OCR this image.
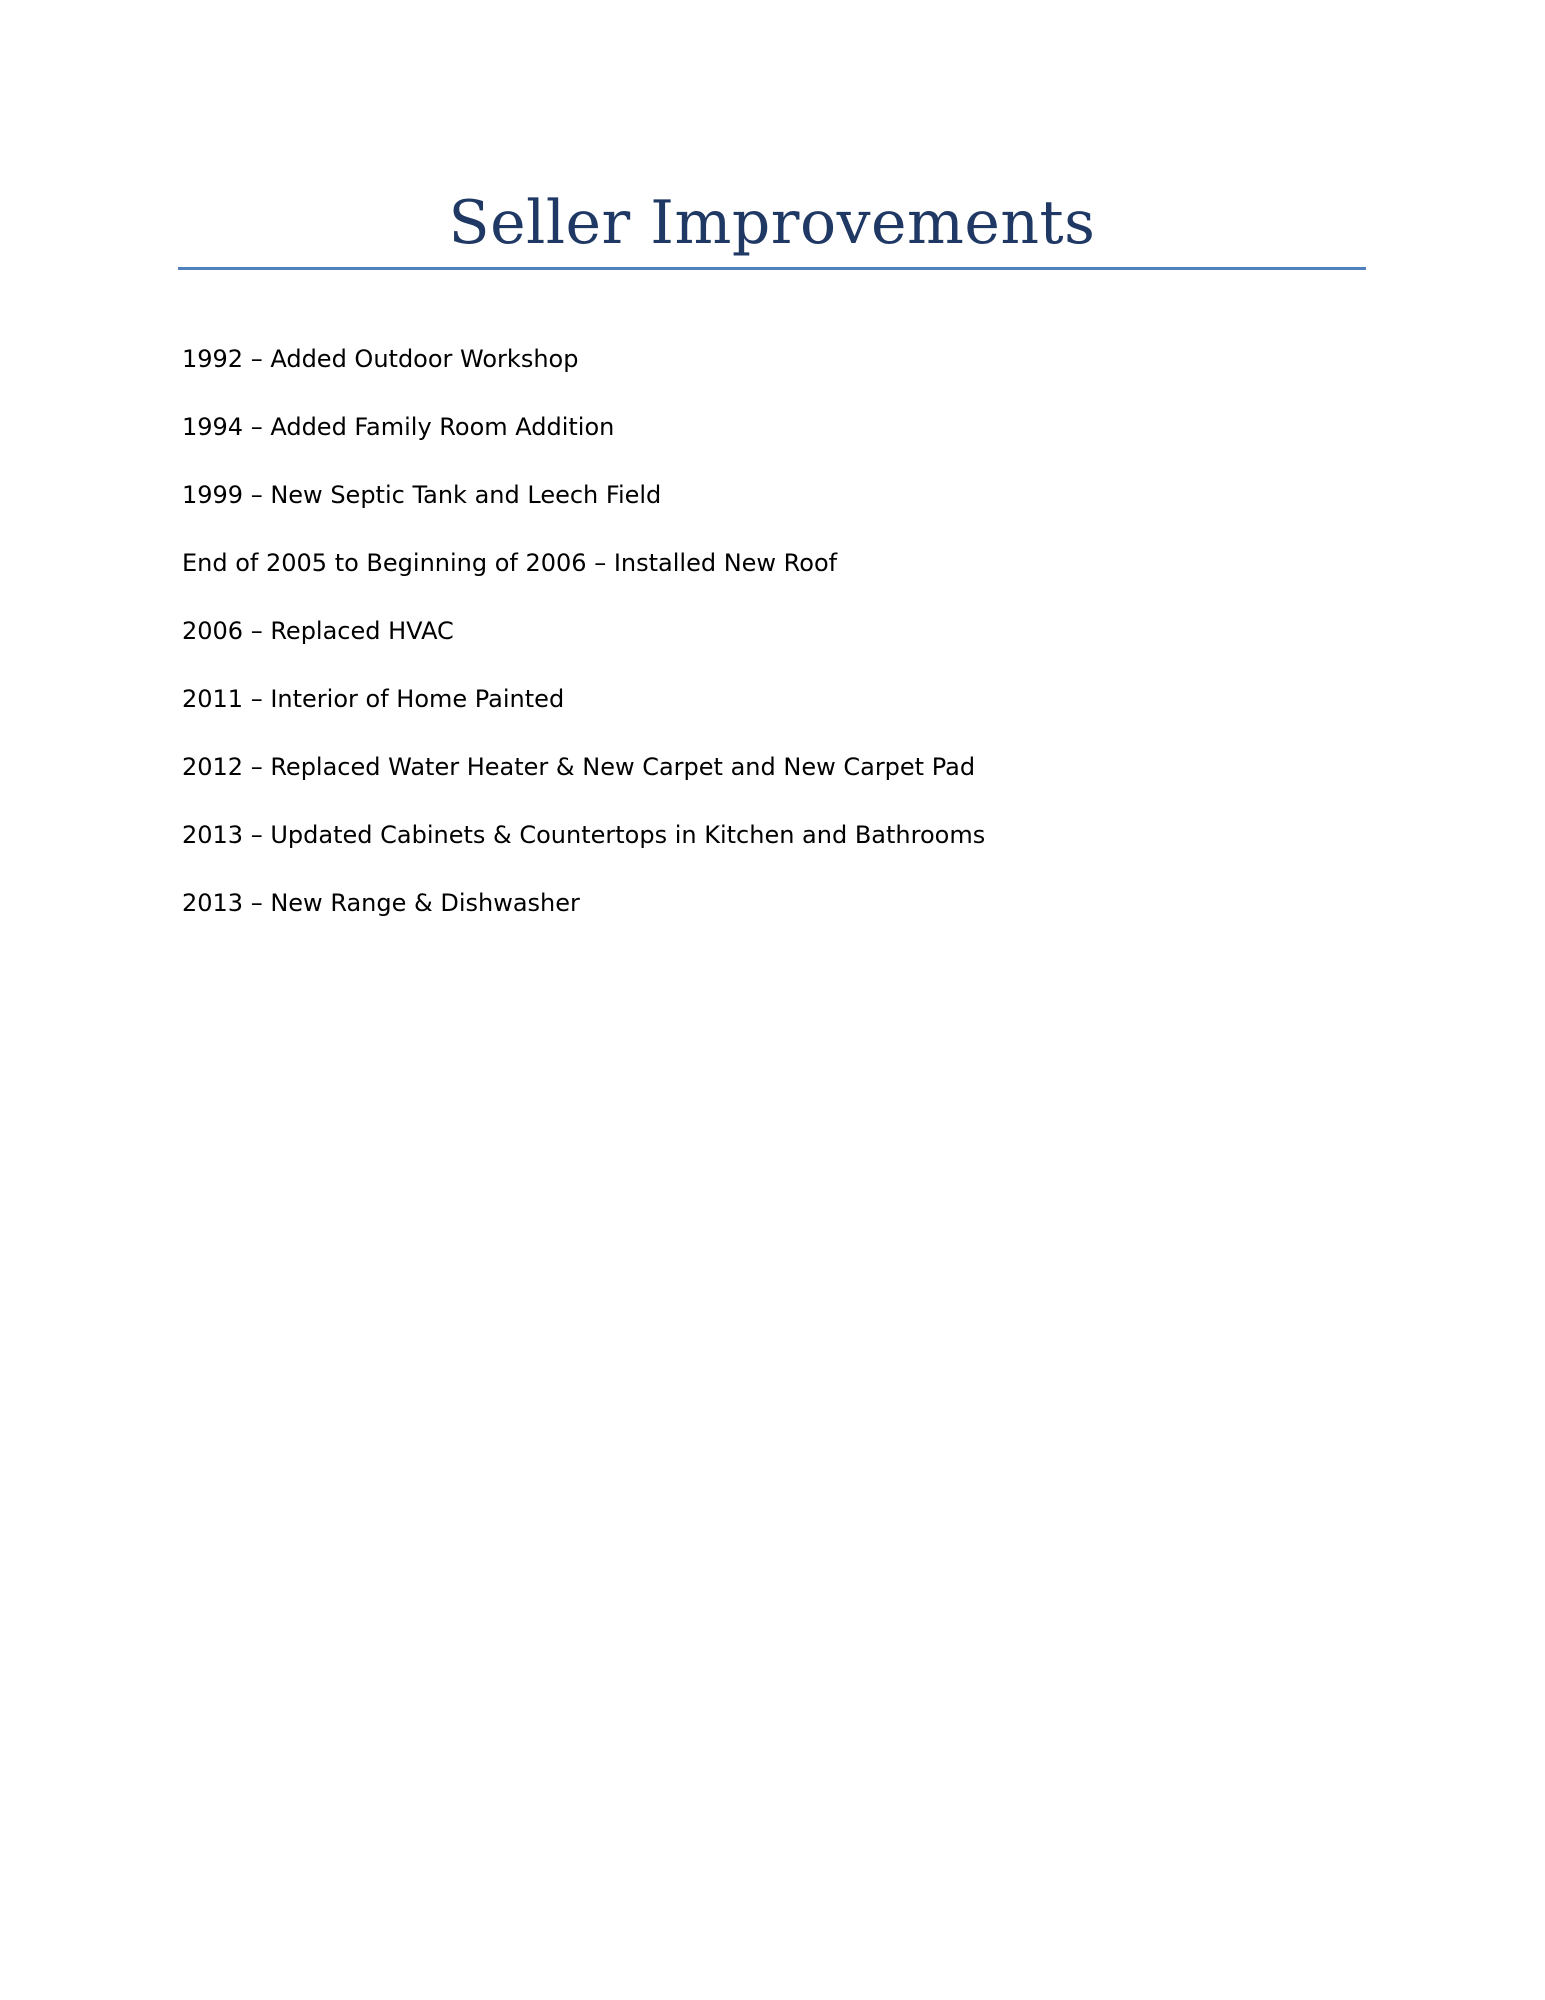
Seller Improvements
1992 – Added Outdoor Workshop
1994 – Added Family Room Addition
1999 – New Septic Tank and Leech Field
End of 2005 to Beginning of 2006 – Installed New Roof
2006 – Replaced HVAC
2011 – Interior of Home Painted
2012 – Replaced Water Heater & New Carpet and New Carpet Pad
2013 – Updated Cabinets & Countertops in Kitchen and Bathrooms
2013 – New Range & Dishwasher
